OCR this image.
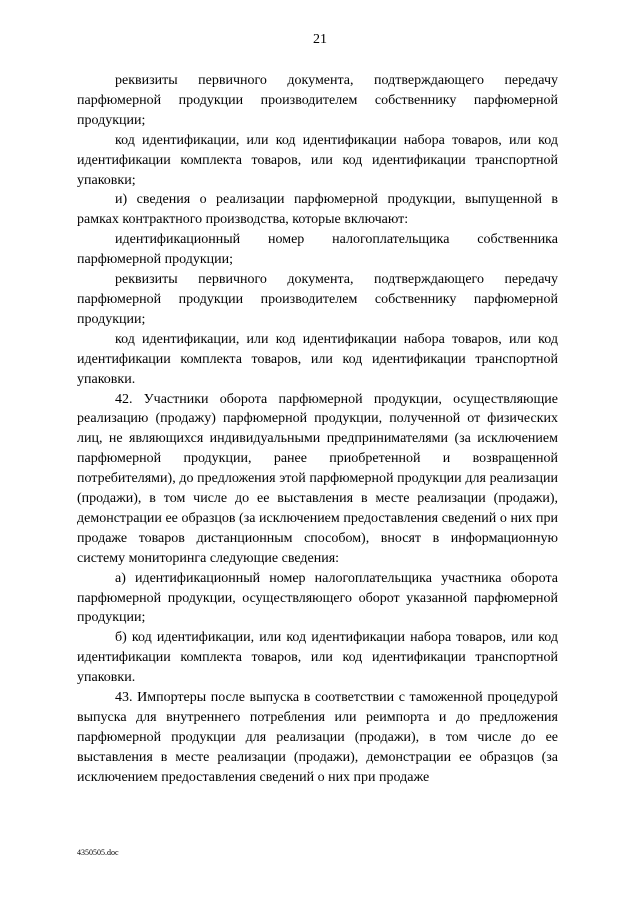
21

реквизиты первичного документа, подтверждающего передачу парфюмерной продукции производителем собственнику парфюмерной продукции;

код идентификации, или код идентификации набора товаров, или код идентификации комплекта товаров, или код идентификации транспортной упаковки;

и) сведения о реализации парфюмерной продукции, выпущенной в рамках контрактного производства, которые включают:

идентификационный номер налогоплательщика собственника парфюмерной продукции;

реквизиты первичного документа, подтверждающего передачу парфюмерной продукции производителем собственнику парфюмерной продукции;

код идентификации, или код идентификации набора товаров, или код идентификации комплекта товаров, или код идентификации транспортной упаковки.

42. Участники оборота парфюмерной продукции, осуществляющие реализацию (продажу) парфюмерной продукции, полученной от физических лиц, не являющихся индивидуальными предпринимателями (за исключением парфюмерной продукции, ранее приобретенной и возвращенной потребителями), до предложения этой парфюмерной продукции для реализации (продажи), в том числе до ее выставления в месте реализации (продажи), демонстрации ее образцов (за исключением предоставления сведений о них при продаже товаров дистанционным способом), вносят в информационную систему мониторинга следующие сведения:

а) идентификационный номер налогоплательщика участника оборота парфюмерной продукции, осуществляющего оборот указанной парфюмерной продукции;

б) код идентификации, или код идентификации набора товаров, или код идентификации комплекта товаров, или код идентификации транспортной упаковки.

43. Импортеры после выпуска в соответствии с таможенной процедурой выпуска для внутреннего потребления или реимпорта и до предложения парфюмерной продукции для реализации (продажи), в том числе до ее выставления в месте реализации (продажи), демонстрации ее образцов (за исключением предоставления сведений о них при продаже

4350505.doc
